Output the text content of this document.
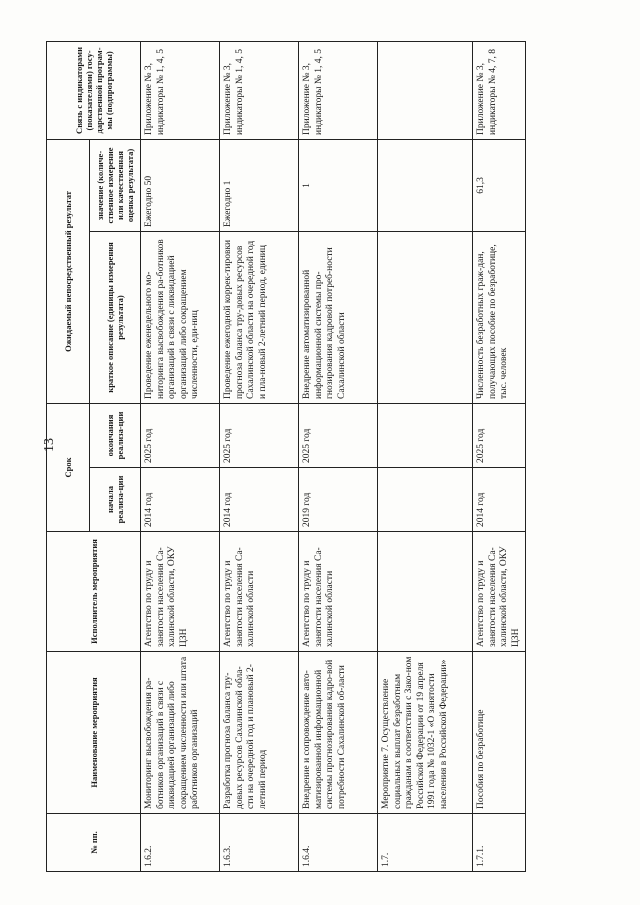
13
№ пп.	Наименование мероприятия	Исполнитель мероприятия	Срок		Ожидаемый непосредственный результат		Связь с индикаторами (показателями) госу-дарственной програм-мы (подпрограммы)
			начала реализа-ции	окончания реализа-ции	краткое описание (единицы измерения результата)	значение (количе-ственное измерение или качественная оценка результата)	
1.6.2.	Мониторинг высвобождения ра-ботников организаций в связи с ликвидацией организаций либо сокращением численности или штата работников организаций	Агентство по труду и занятости населения Са-халинской области, ОКУ ЦЗН	2014 год	2025 год	Проведение еженедельного мо-ниторинга высвобождения ра-ботников организаций в связи с ликвидацией организаций либо сокращением численности, еди-ниц	Ежегодно 50	Приложение № 3, индикаторы № 1, 4, 5
1.6.3.	Разработка прогноза баланса тру-довых ресурсов Сахалинской обла-сти на очередной год и плановый 2-летний период	Агентство по труду и занятости населения Са-халинской области	2014 год	2025 год	Проведение ежегодной коррек-тировки прогноза баланса тру-довых ресурсов Сахалинской области на очередной год и пла-новый 2-летний период, единиц	Ежегодно 1	Приложение № 3, индикаторы № 1, 4, 5
1.6.4.	Внедрение и сопровождение авто-матизированной информационной системы прогнозирования кадро-вой потребности Сахалинской об-ласти	Агентство по труду и занятости населения Са-халинской области	2019 год	2025 год	Внедрение автоматизированной информационной системы про-гнозирования кадровой потреб-ности Сахалинской области	1	Приложение № 3, индикаторы № 1, 4, 5
1.7.	Мероприятие 7. Осуществление социальных выплат безработным гражданам в соответствии с Зако-ном Российской Федерации от 19 апреля 1991 года № 1032-1 «О занятости населения в Российской Федерации»						
1.7.1.	Пособия по безработице	Агентство по труду и занятости населения Са-халинской области, ОКУ ЦЗН	2014 год	2025 год	Численность безработных граж-дан, получающих пособие по безработице, тыс. человек	61,3	Приложение № 3, индикаторы № 4, 7, 8
